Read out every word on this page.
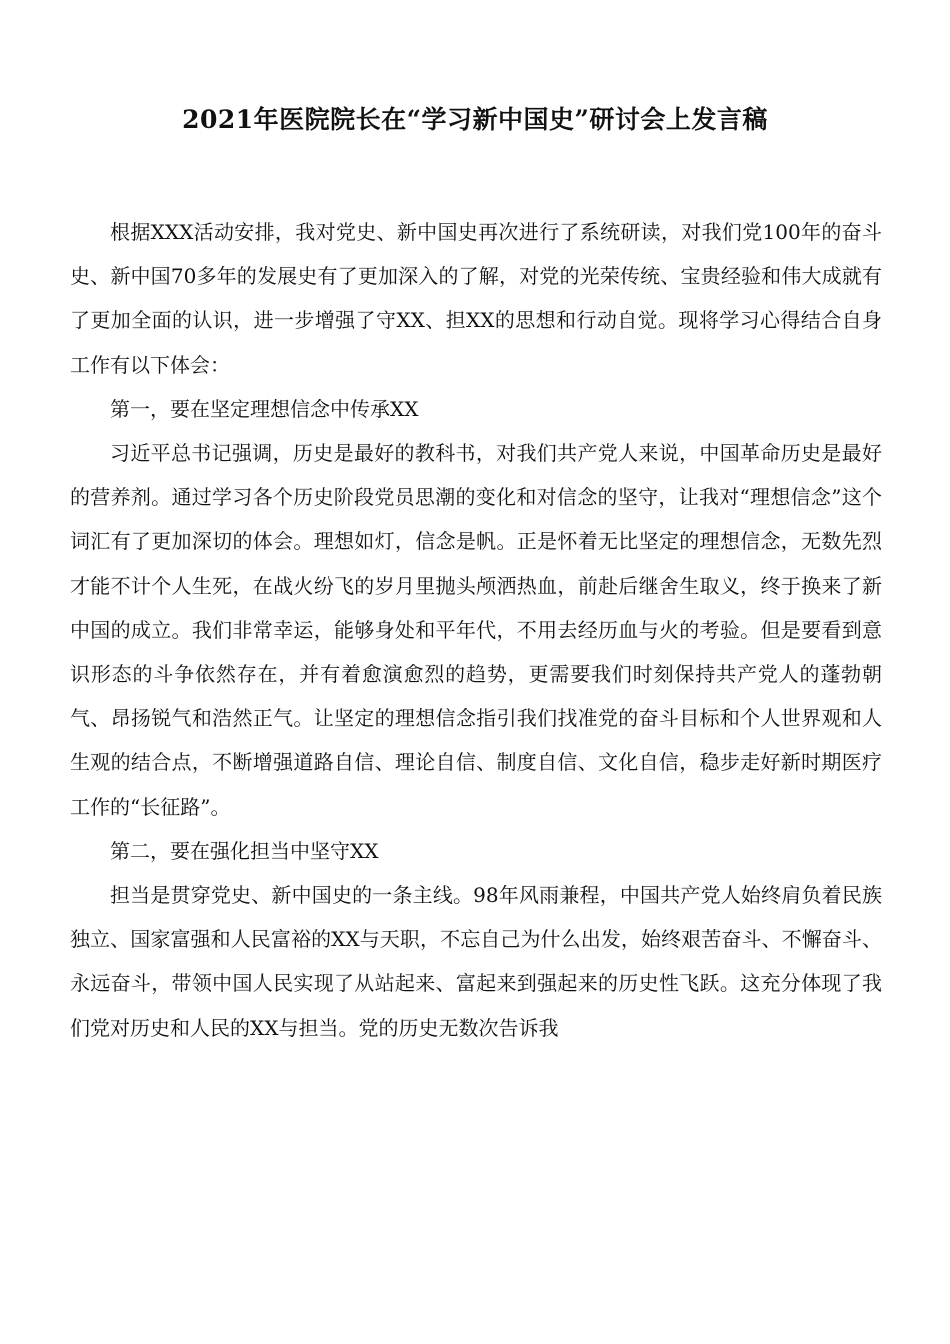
2021年医院院长在“学习新中国史”研讨会上发言稿

根据XXX活动安排，我对党史、新中国史再次进行了系统研读，对我们党100年的奋斗史、新中国70多年的发展史有了更加深入的了解，对党的光荣传统、宝贵经验和伟大成就有了更加全面的认识，进一步增强了守XX、担XX的思想和行动自觉。现将学习心得结合自身工作有以下体会：

第一，要在坚定理想信念中传承XX

习近平总书记强调，历史是最好的教科书，对我们共产党人来说，中国革命历史是最好的营养剂。通过学习各个历史阶段党员思潮的变化和对信念的坚守，让我对“理想信念”这个词汇有了更加深切的体会。理想如灯，信念是帆。正是怀着无比坚定的理想信念，无数先烈才能不计个人生死，在战火纷飞的岁月里抛头颅洒热血，前赴后继舍生取义，终于换来了新中国的成立。我们非常幸运，能够身处和平年代，不用去经历血与火的考验。但是要看到意识形态的斗争依然存在，并有着愈演愈烈的趋势，更需要我们时刻保持共产党人的蓬勃朝气、昂扬锐气和浩然正气。让坚定的理想信念指引我们找准党的奋斗目标和个人世界观和人生观的结合点，不断增强道路自信、理论自信、制度自信、文化自信，稳步走好新时期医疗工作的“长征路”。

第二，要在强化担当中坚守XX

担当是贯穿党史、新中国史的一条主线。98年风雨兼程，中国共产党人始终肩负着民族独立、国家富强和人民富裕的XX与天职，不忘自己为什么出发，始终艰苦奋斗、不懈奋斗、永远奋斗，带领中国人民实现了从站起来、富起来到强起来的历史性飞跃。这充分体现了我们党对历史和人民的XX与担当。党的历史无数次告诉我
